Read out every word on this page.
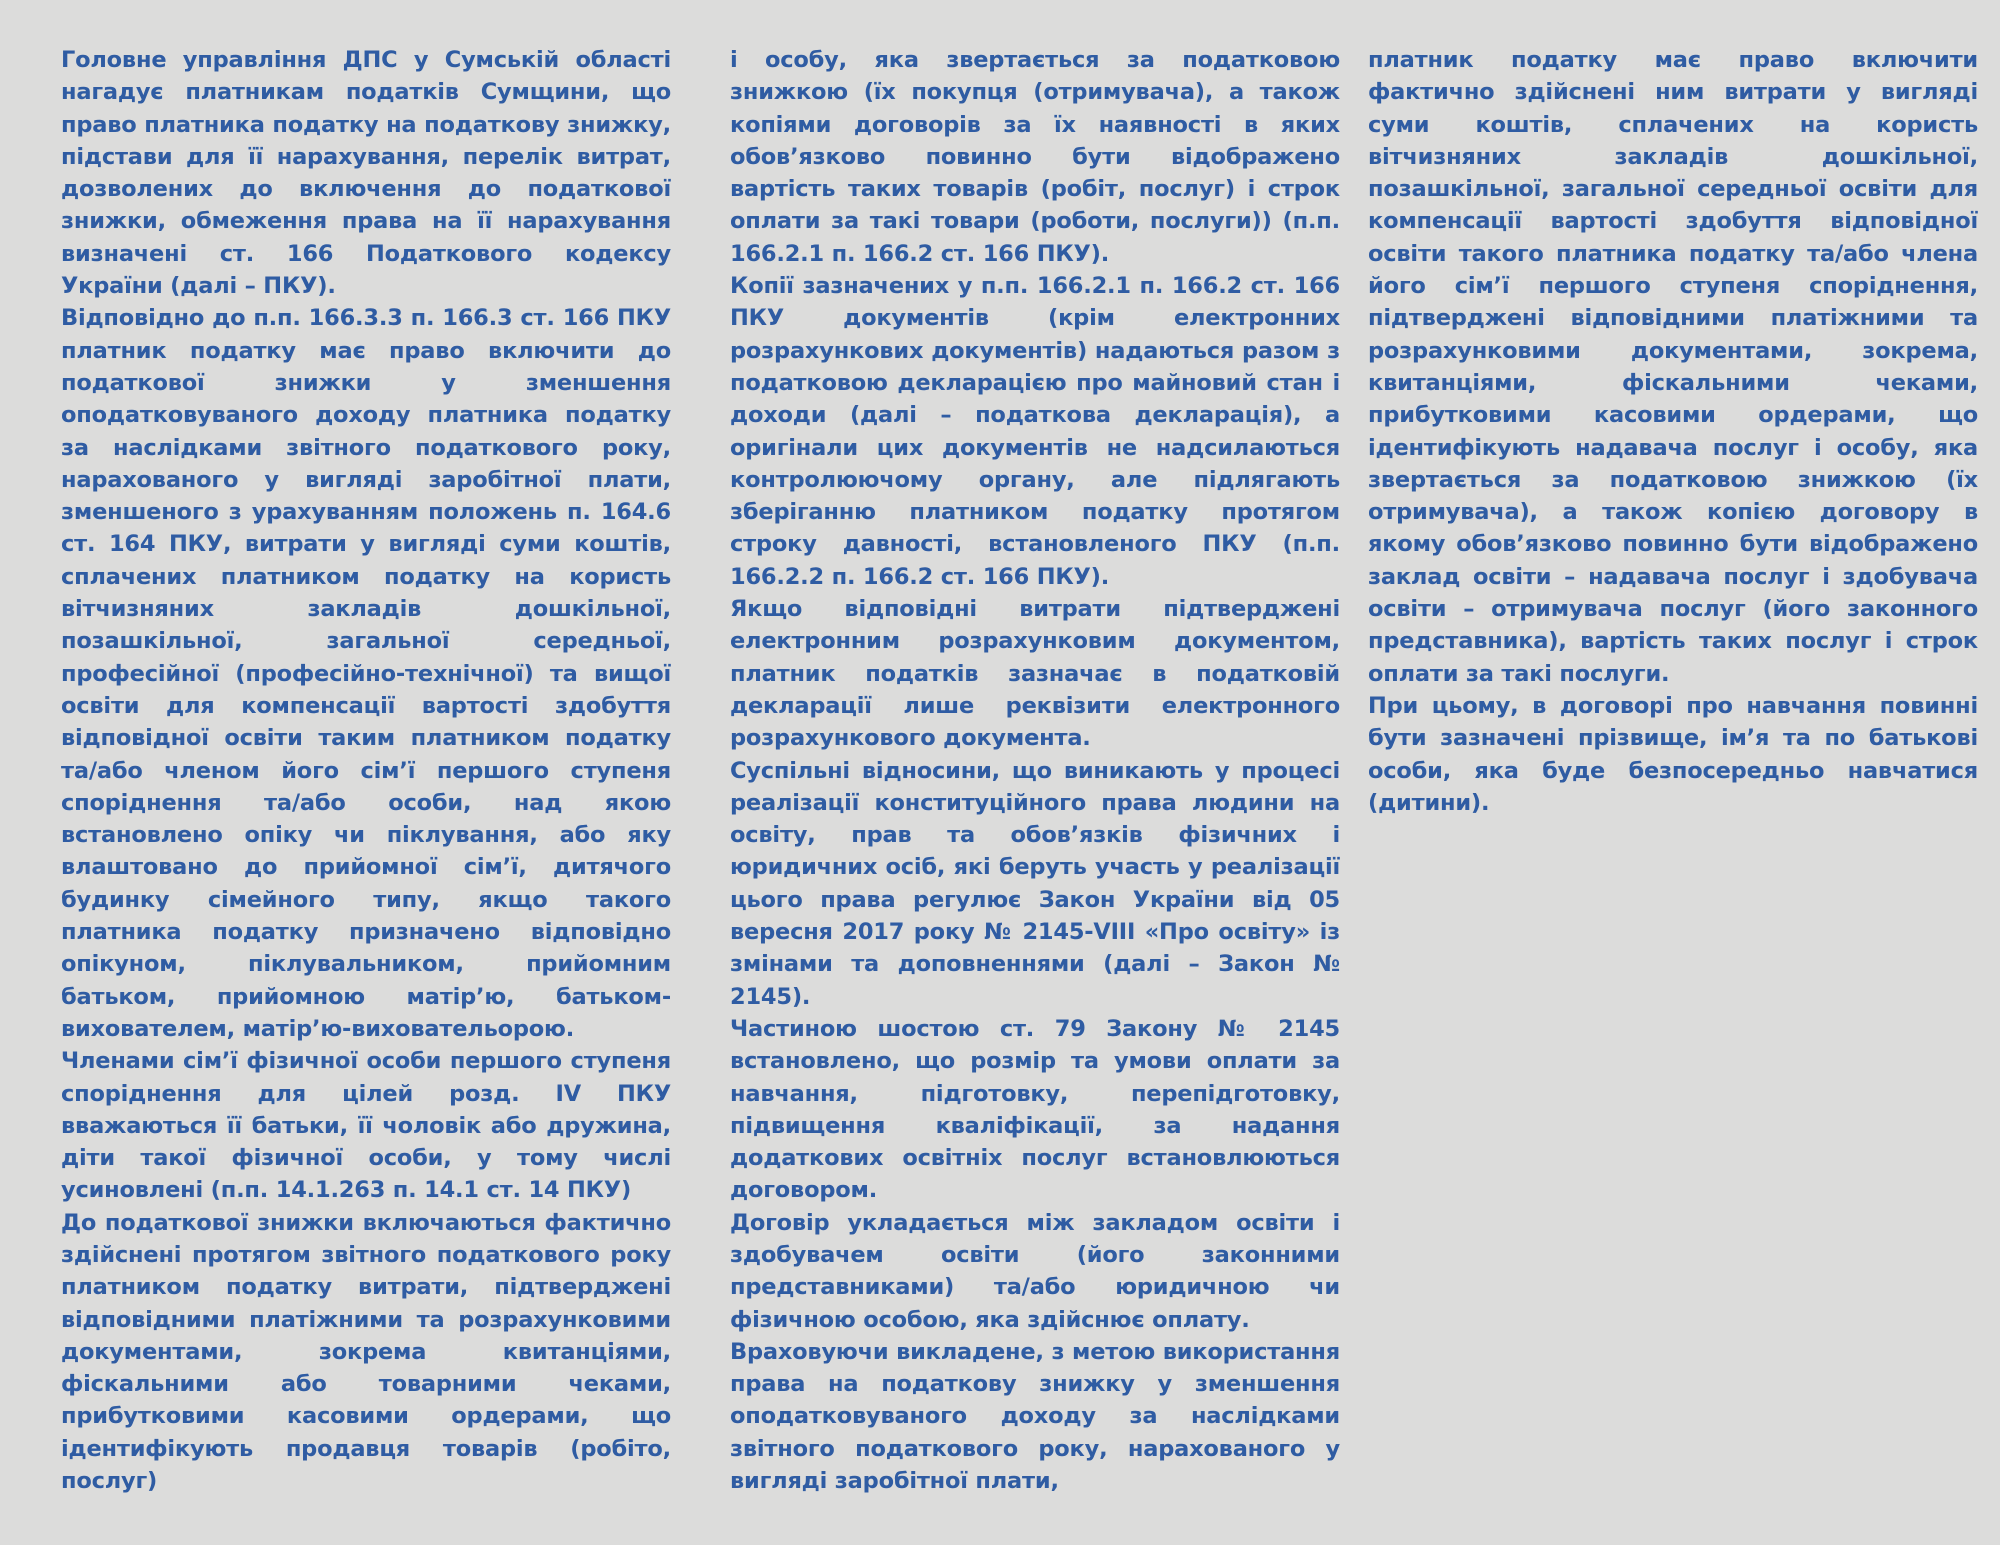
Головне управління ДПС у Сумській області нагадує платникам податків Сумщини, що право платника податку на податкову знижку, підстави для її нарахування, перелік витрат, дозволених до включення до податкової знижки, обмеження права на її нарахування визначені ст. 166 Податкового кодексу України (далі – ПКУ).

Відповідно до п.п. 166.3.3 п. 166.3 ст. 166 ПКУ платник податку має право включити до податкової знижки у зменшення оподатковуваного доходу платника податку за наслідками звітного податкового року, нарахованого у вигляді заробітної плати, зменшеного з урахуванням положень п. 164.6 ст. 164 ПКУ, витрати у вигляді суми коштів, сплачених платником податку на користь вітчизняних закладів дошкільної, позашкільної, загальної середньої, професійної (професійно-технічної) та вищої освіти для компенсації вартості здобуття відповідної освіти таким платником податку та/або членом його сім’ї першого ступеня споріднення та/або особи, над якою встановлено опіку чи піклування, або яку влаштовано до прийомної сім’ї, дитячого будинку сімейного типу, якщо такого платника податку призначено відповідно опікуном, піклувальником, прийомним батьком, прийомною матір’ю, батьком-вихователем, матір’ю-виховательорою.

Членами сім’ї фізичної особи першого ступеня споріднення для цілей розд. IV ПКУ вважаються її батьки, її чоловік або дружина, діти такої фізичної особи, у тому числі усиновлені (п.п. 14.1.263 п. 14.1 ст. 14 ПКУ)

До податкової знижки включаються фактично здійснені протягом звітного податкового року платником податку витрати, підтверджені відповідними платіжними та розрахунковими документами, зокрема квитанціями, фіскальними або товарними чеками, прибутковими касовими ордерами, що ідентифікують продавця товарів (робіто, послуг)

і особу, яка звертається за податковою знижкою (їх покупця (отримувача), а також копіями договорів за їх наявності в яких обов’язково повинно бути відображено вартість таких товарів (робіт, послуг) і строк оплати за такі товари (роботи, послуги)) (п.п. 166.2.1 п. 166.2 ст. 166 ПКУ).

Копії зазначених у п.п. 166.2.1 п. 166.2 ст. 166 ПКУ документів (крім електронних розрахункових документів) надаються разом з податковою декларацією про майновий стан і доходи (далі – податкова декларація), а оригінали цих документів не надсилаються контролюючому органу, але підлягають зберіганню платником податку протягом строку давності, встановленого ПКУ (п.п. 166.2.2 п. 166.2 ст. 166 ПКУ).

Якщо відповідні витрати підтверджені електронним розрахунковим документом, платник податків зазначає в податковій декларації лише реквізити електронного розрахункового документа.

Суспільні відносини, що виникають у процесі реалізації конституційного права людини на освіту, прав та обов’язків фізичних і юридичних осіб, які беруть участь у реалізації цього права регулює Закон України від 05 вересня 2017 року № 2145-VIII «Про освіту» із змінами та доповненнями (далі – Закон № 2145).

Частиною шостою ст. 79 Закону № 2145 встановлено, що розмір та умови оплати за навчання, підготовку, перепідготовку, підвищення кваліфікації, за надання додаткових освітніх послуг встановлюються договором.

Договір укладається між закладом освіти і здобувачем освіти (його законними представниками) та/або юридичною чи фізичною особою, яка здійснює оплату.

Враховуючи викладене, з метою використання права на податкову знижку у зменшення оподатковуваного доходу за наслідками звітного податкового року, нарахованого у вигляді заробітної плати,

платник податку має право включити фактично здійснені ним витрати у вигляді суми коштів, сплачених на користь вітчизняних закладів дошкільної, позашкільної, загальної середньої освіти для компенсації вартості здобуття відповідної освіти такого платника податку та/або члена його сім’ї першого ступеня споріднення, підтверджені відповідними платіжними та розрахунковими документами, зокрема, квитанціями, фіскальними чеками, прибутковими касовими ордерами, що ідентифікують надавача послуг і особу, яка звертається за податковою знижкою (їх отримувача), а також копією договору в якому обов’язково повинно бути відображено заклад освіти – надавача послуг і здобувача освіти – отримувача послуг (його законного представника), вартість таких послуг і строк оплати за такі послуги.

При цьому, в договорі про навчання повинні бути зазначені прізвище, ім’я та по батькові особи, яка буде безпосередньо навчатися (дитини).
